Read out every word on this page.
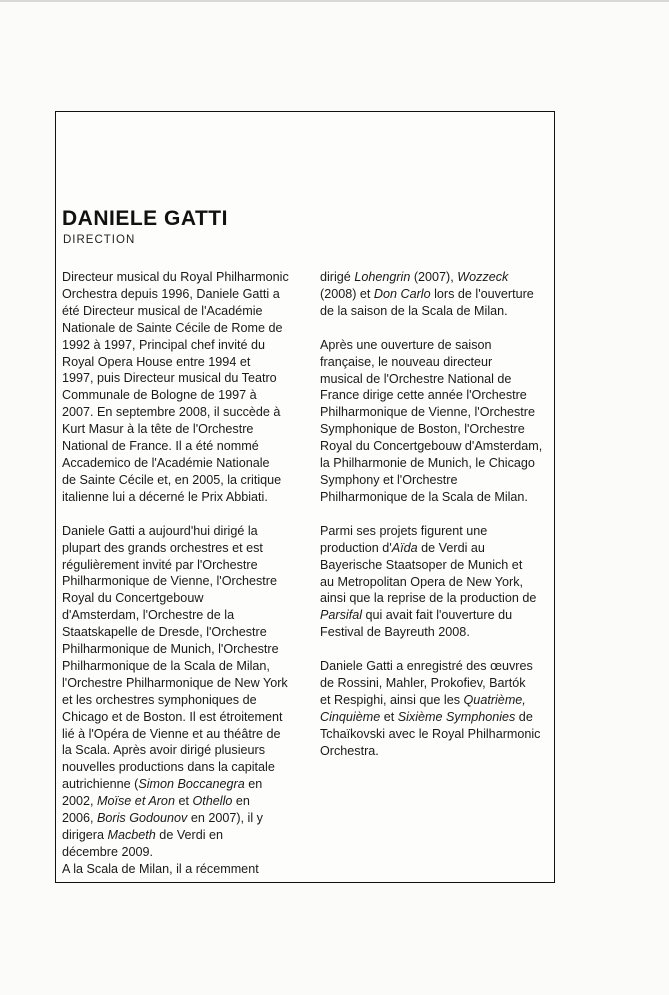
DANIELE GATTI
DIRECTION

Directeur musical du Royal Philharmonic
Orchestra depuis 1996, Daniele Gatti a
été Directeur musical de l'Académie
Nationale de Sainte Cécile de Rome de
1992 à 1997, Principal chef invité du
Royal Opera House entre 1994 et
1997, puis Directeur musical du Teatro
Communale de Bologne de 1997 à
2007. En septembre 2008, il succède à
Kurt Masur à la tête de l'Orchestre
National de France. Il a été nommé
Accademico de l'Académie Nationale
de Sainte Cécile et, en 2005, la critique
italienne lui a décerné le Prix Abbiati.

Daniele Gatti a aujourd'hui dirigé la
plupart des grands orchestres et est
régulièrement invité par l'Orchestre
Philharmonique de Vienne, l'Orchestre
Royal du Concertgebouw
d'Amsterdam, l'Orchestre de la
Staatskapelle de Dresde, l'Orchestre
Philharmonique de Munich, l'Orchestre
Philharmonique de la Scala de Milan,
l'Orchestre Philharmonique de New York
et les orchestres symphoniques de
Chicago et de Boston. Il est étroitement
lié à l'Opéra de Vienne et au théâtre de
la Scala. Après avoir dirigé plusieurs
nouvelles productions dans la capitale
autrichienne (Simon Boccanegra en
2002, Moïse et Aron et Othello en
2006, Boris Godounov en 2007), il y
dirigera Macbeth de Verdi en
décembre 2009.
A la Scala de Milan, il a récemment

dirigé Lohengrin (2007), Wozzeck
(2008) et Don Carlo lors de l'ouverture
de la saison de la Scala de Milan.

Après une ouverture de saison
française, le nouveau directeur
musical de l'Orchestre National de
France dirige cette année l'Orchestre
Philharmonique de Vienne, l'Orchestre
Symphonique de Boston, l'Orchestre
Royal du Concertgebouw d'Amsterdam,
la Philharmonie de Munich, le Chicago
Symphony et l'Orchestre
Philharmonique de la Scala de Milan.

Parmi ses projets figurent une
production d'Aïda de Verdi au
Bayerische Staatsoper de Munich et
au Metropolitan Opera de New York,
ainsi que la reprise de la production de
Parsifal qui avait fait l'ouverture du
Festival de Bayreuth 2008.

Daniele Gatti a enregistré des œuvres
de Rossini, Mahler, Prokofiev, Bartók
et Respighi, ainsi que les Quatrième,
Cinquième et Sixième Symphonies de
Tchaïkovski avec le Royal Philharmonic
Orchestra.
